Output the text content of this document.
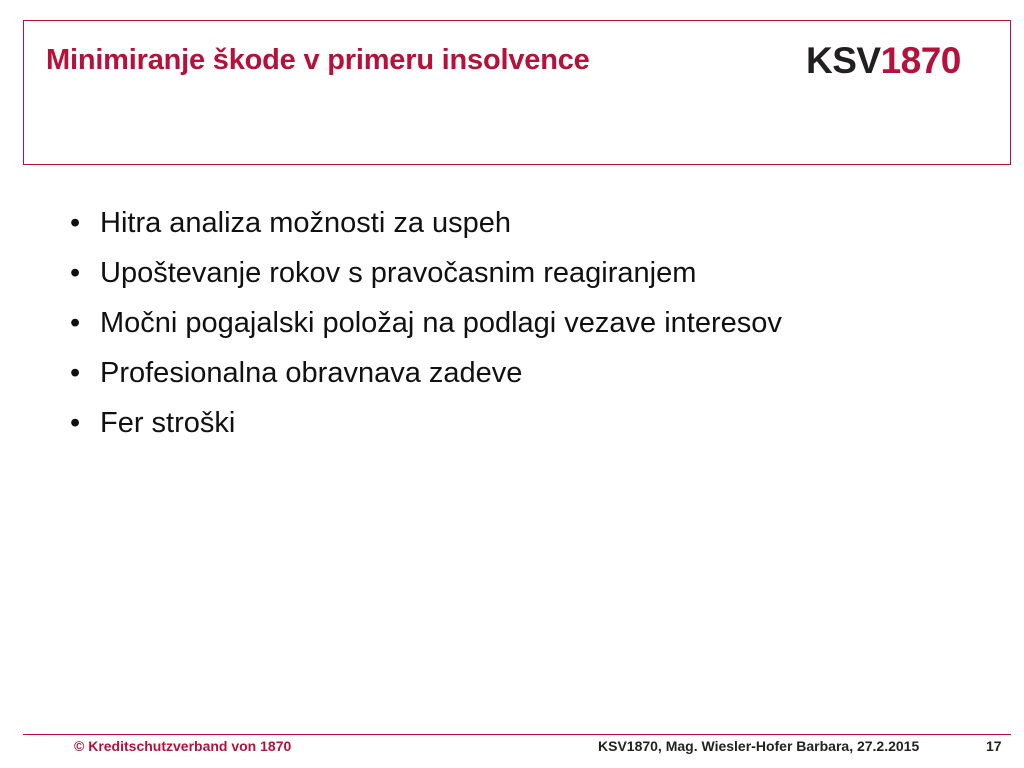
Minimiranje škode v primeru insolvence	KSV1870
• Hitra analiza možnosti za uspeh
• Upoštevanje rokov s pravočasnim reagiranjem
• Močni pogajalski položaj na podlagi vezave interesov
• Profesionalna obravnava zadeve
• Fer stroški
© Kreditschutzverband von 1870	KSV1870, Mag. Wiesler-Hofer Barbara, 27.2.2015	17
